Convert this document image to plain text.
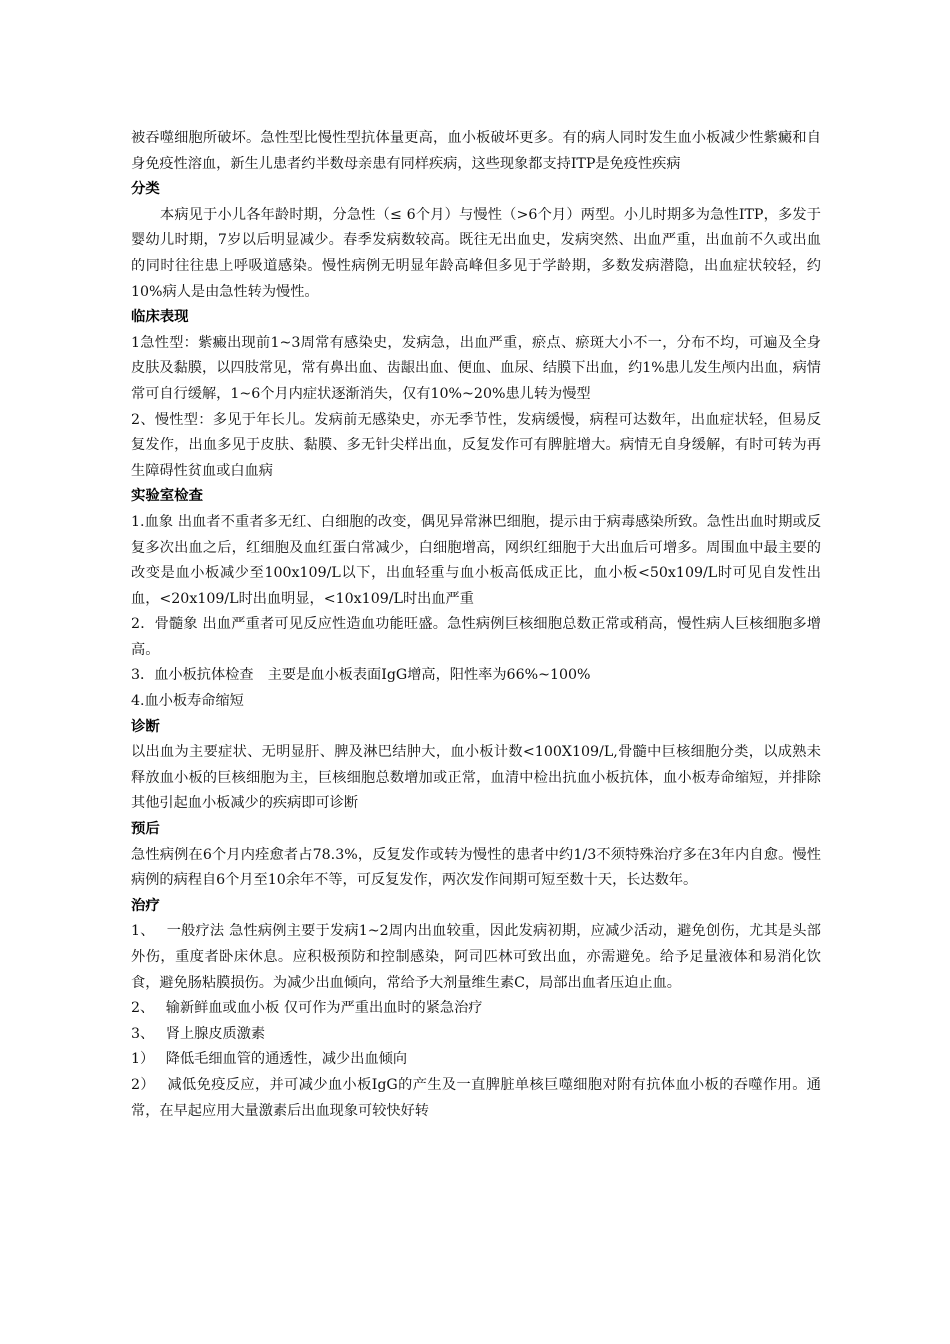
被吞噬细胞所破坏。急性型比慢性型抗体量更高，血小板破坏更多。有的病人同时发生血小板减少性紫癜和自身免疫性溶血，新生儿患者约半数母亲患有同样疾病，这些现象都支持ITP是免疫性疾病

分类

本病见于小儿各年龄时期，分急性（≤ 6个月）与慢性（>6个月）两型。小儿时期多为急性ITP，多发于婴幼儿时期，7岁以后明显减少。春季发病数较高。既往无出血史，发病突然、出血严重，出血前不久或出血的同时往往患上呼吸道感染。慢性病例无明显年龄高峰但多见于学龄期，多数发病潜隐，出血症状较轻，约10%病人是由急性转为慢性。

临床表现

1急性型：紫癜出现前1~3周常有感染史，发病急，出血严重，瘀点、瘀斑大小不一，分布不均，可遍及全身皮肤及黏膜，以四肢常见，常有鼻出血、齿龈出血、便血、血尿、结膜下出血，约1%患儿发生颅内出血，病情常可自行缓解，1~6个月内症状逐渐消失，仅有10%~20%患儿转为慢型

2、慢性型：多见于年长儿。发病前无感染史，亦无季节性，发病缓慢，病程可达数年，出血症状轻，但易反复发作，出血多见于皮肤、黏膜、多无针尖样出血，反复发作可有脾脏增大。病情无自身缓解，有时可转为再生障碍性贫血或白血病

实验室检查

1.血象 出血者不重者多无红、白细胞的改变，偶见异常淋巴细胞，提示由于病毒感染所致。急性出血时期或反复多次出血之后，红细胞及血红蛋白常减少，白细胞增高，网织红细胞于大出血后可增多。周围血中最主要的改变是血小板减少至100x109/L以下，出血轻重与血小板高低成正比，血小板<50x109/L时可见自发性出血，<20x109/L时出血明显，<10x109/L时出血严重

2．骨髓象 出血严重者可见反应性造血功能旺盛。急性病例巨核细胞总数正常或稍高，慢性病人巨核细胞多增高。

3．血小板抗体检查　主要是血小板表面IgG增高，阳性率为66%~100%

4.血小板寿命缩短

诊断

以出血为主要症状、无明显肝、脾及淋巴结肿大，血小板计数<100X109/L,骨髓中巨核细胞分类，以成熟未释放血小板的巨核细胞为主，巨核细胞总数增加或正常，血清中检出抗血小板抗体，血小板寿命缩短，并排除其他引起血小板减少的疾病即可诊断

预后

急性病例在6个月内痊愈者占78.3%，反复发作或转为慢性的患者中约1/3不须特殊治疗多在3年内自愈。慢性病例的病程自6个月至10余年不等，可反复发作，两次发作间期可短至数十天，长达数年。

治疗

1、　 一般疗法 急性病例主要于发病1~2周内出血较重，因此发病初期，应减少活动，避免创伤，尤其是头部外伤，重度者卧床休息。应积极预防和控制感染，阿司匹林可致出血，亦需避免。给予足量液体和易消化饮食，避免肠粘膜损伤。为减少出血倾向，常给予大剂量维生素C，局部出血者压迫止血。

2、　 输新鲜血或血小板 仅可作为严重出血时的紧急治疗

3、　 肾上腺皮质激素

1）　 降低毛细血管的通透性，减少出血倾向

2）　 减低免疫反应，并可减少血小板IgG的产生及一直脾脏单核巨噬细胞对附有抗体血小板的吞噬作用。通常，在早起应用大量激素后出血现象可较快好转
